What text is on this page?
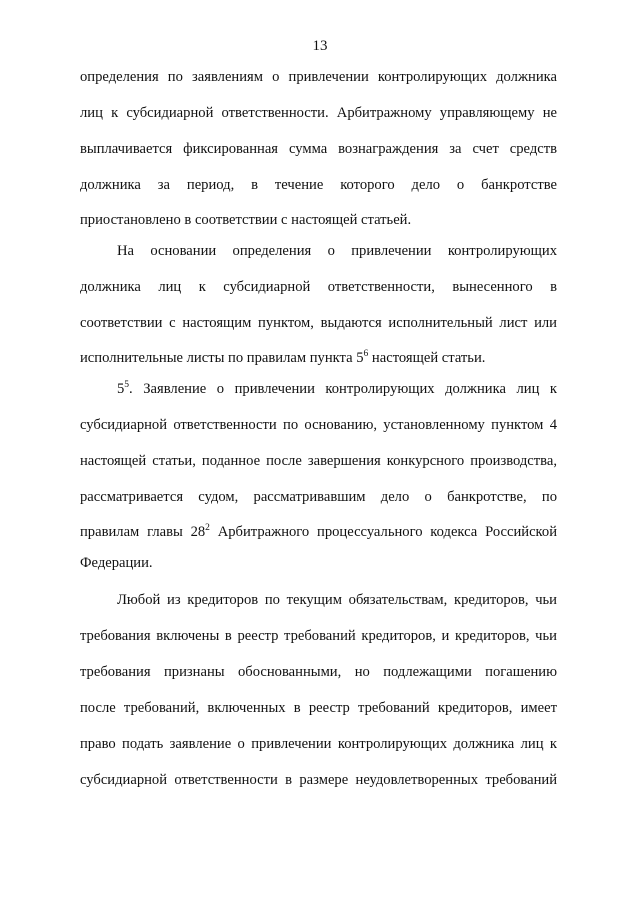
13
определения по заявлениям о привлечении контролирующих должника
лиц к субсидиарной ответственности. Арбитражному управляющему не
выплачивается фиксированная сумма вознаграждения за счет средств
должника за период, в течение которого дело о банкротстве
приостановлено в соответствии с настоящей статьей.
На основании определения о привлечении контролирующих
должника лиц к субсидиарной ответственности, вынесенного в
соответствии с настоящим пунктом, выдаются исполнительный лист или
исполнительные листы по правилам пункта $5^6$ настоящей статьи.
$5^5$. Заявление о привлечении контролирующих должника лиц к
субсидиарной ответственности по основанию, установленному пунктом 4
настоящей статьи, поданное после завершения конкурсного производства,
рассматривается судом, рассматривавшим дело о банкротстве, по
правилам главы $28^2$ Арбитражного процессуального кодекса Российской
Федерации.
Любой из кредиторов по текущим обязательствам, кредиторов, чьи
требования включены в реестр требований кредиторов, и кредиторов, чьи
требования признаны обоснованными, но подлежащими погашению
после требований, включенных в реестр требований кредиторов, имеет
право подать заявление о привлечении контролирующих должника лиц к
субсидиарной ответственности в размере неудовлетворенных требований
